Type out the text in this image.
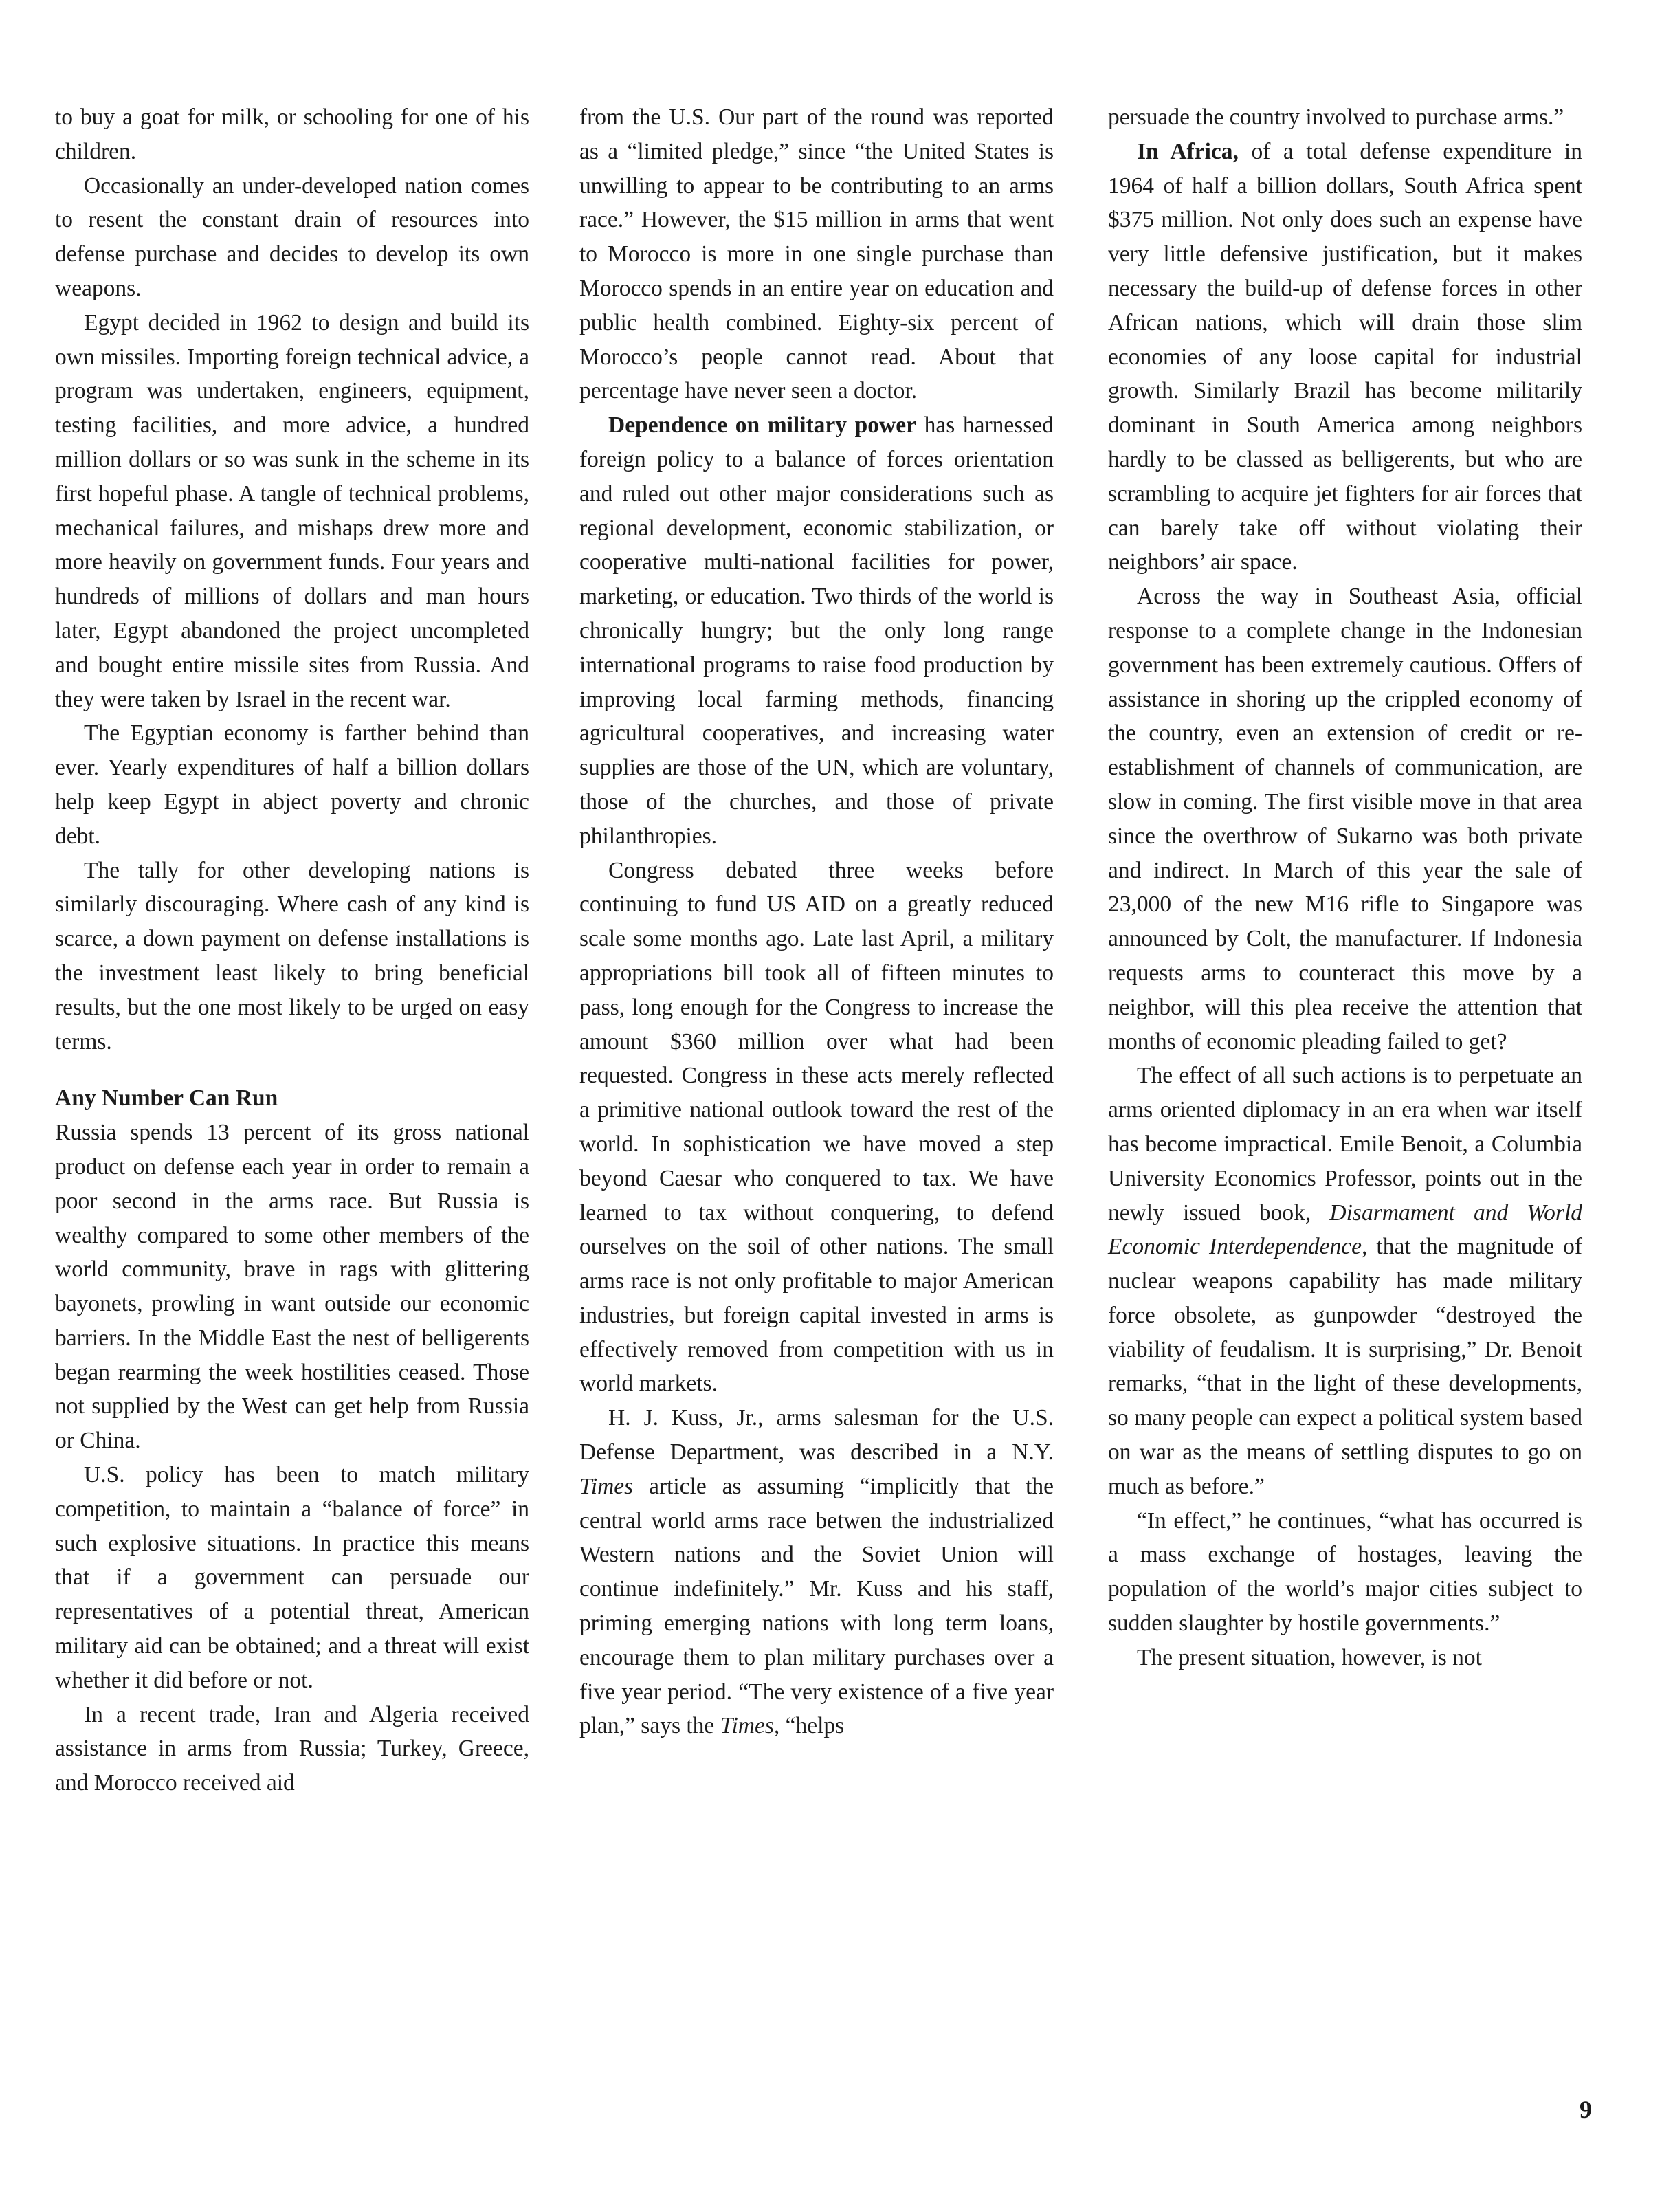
to buy a goat for milk, or schooling for one of his children.

Occasionally an under-developed nation comes to resent the constant drain of resources into defense purchase and decides to develop its own weapons.

Egypt decided in 1962 to design and build its own missiles. Importing foreign technical advice, a program was undertaken, engineers, equipment, testing facilities, and more advice, a hundred million dollars or so was sunk in the scheme in its first hopeful phase. A tangle of technical problems, mechanical failures, and mishaps drew more and more heavily on government funds. Four years and hundreds of millions of dollars and man hours later, Egypt abandoned the project uncompleted and bought entire missile sites from Russia. And they were taken by Israel in the recent war.

The Egyptian economy is farther behind than ever. Yearly expenditures of half a billion dollars help keep Egypt in abject poverty and chronic debt.

The tally for other developing nations is similarly discouraging. Where cash of any kind is scarce, a down payment on defense installations is the investment least likely to bring beneficial results, but the one most likely to be urged on easy terms.

Any Number Can Run

Russia spends 13 percent of its gross national product on defense each year in order to remain a poor second in the arms race. But Russia is wealthy compared to some other members of the world community, brave in rags with glittering bayonets, prowling in want outside our economic barriers. In the Middle East the nest of belligerents began rearming the week hostilities ceased. Those not supplied by the West can get help from Russia or China.

U.S. policy has been to match military competition, to maintain a “balance of force” in such explosive situations. In practice this means that if a government can persuade our representatives of a potential threat, American military aid can be obtained; and a threat will exist whether it did before or not.

In a recent trade, Iran and Algeria received assistance in arms from Russia; Turkey, Greece, and Morocco received aid

from the U.S. Our part of the round was reported as a “limited pledge,” since “the United States is unwilling to appear to be contributing to an arms race.” However, the $15 million in arms that went to Morocco is more in one single purchase than Morocco spends in an entire year on education and public health combined. Eighty-six percent of Morocco’s people cannot read. About that percentage have never seen a doctor.

Dependence on military power has harnessed foreign policy to a balance of forces orientation and ruled out other major considerations such as regional development, economic stabilization, or cooperative multi-national facilities for power, marketing, or education. Two thirds of the world is chronically hungry; but the only long range international programs to raise food production by improving local farming methods, financing agricultural cooperatives, and increasing water supplies are those of the UN, which are voluntary, those of the churches, and those of private philanthropies.

Congress debated three weeks before continuing to fund US AID on a greatly reduced scale some months ago. Late last April, a military appropriations bill took all of fifteen minutes to pass, long enough for the Congress to increase the amount $360 million over what had been requested. Congress in these acts merely reflected a primitive national outlook toward the rest of the world. In sophistication we have moved a step beyond Caesar who conquered to tax. We have learned to tax without conquering, to defend ourselves on the soil of other nations. The small arms race is not only profitable to major American industries, but foreign capital invested in arms is effectively removed from competition with us in world markets.

H. J. Kuss, Jr., arms salesman for the U.S. Defense Department, was described in a N.Y. Times article as assuming “implicitly that the central world arms race betwen the industrialized Western nations and the Soviet Union will continue indefinitely.” Mr. Kuss and his staff, priming emerging nations with long term loans, encourage them to plan military purchases over a five year period. “The very existence of a five year plan,” says the Times, “helps

persuade the country involved to purchase arms.”

In Africa, of a total defense expenditure in 1964 of half a billion dollars, South Africa spent $375 million. Not only does such an expense have very little defensive justification, but it makes necessary the build-up of defense forces in other African nations, which will drain those slim economies of any loose capital for industrial growth. Similarly Brazil has become militarily dominant in South America among neighbors hardly to be classed as belligerents, but who are scrambling to acquire jet fighters for air forces that can barely take off without violating their neighbors’ air space.

Across the way in Southeast Asia, official response to a complete change in the Indonesian government has been extremely cautious. Offers of assistance in shoring up the crippled economy of the country, even an extension of credit or re-establishment of channels of communication, are slow in coming. The first visible move in that area since the overthrow of Sukarno was both private and indirect. In March of this year the sale of 23,000 of the new M16 rifle to Singapore was announced by Colt, the manufacturer. If Indonesia requests arms to counteract this move by a neighbor, will this plea receive the attention that months of economic pleading failed to get?

The effect of all such actions is to perpetuate an arms oriented diplomacy in an era when war itself has become impractical. Emile Benoit, a Columbia University Economics Professor, points out in the newly issued book, Disarmament and World Economic Interdependence, that the magnitude of nuclear weapons capability has made military force obsolete, as gunpowder “destroyed the viability of feudalism. It is surprising,” Dr. Benoit remarks, “that in the light of these developments, so many people can expect a political system based on war as the means of settling disputes to go on much as before.”

“In effect,” he continues, “what has occurred is a mass exchange of hostages, leaving the population of the world’s major cities subject to sudden slaughter by hostile governments.”

The present situation, however, is not

9
